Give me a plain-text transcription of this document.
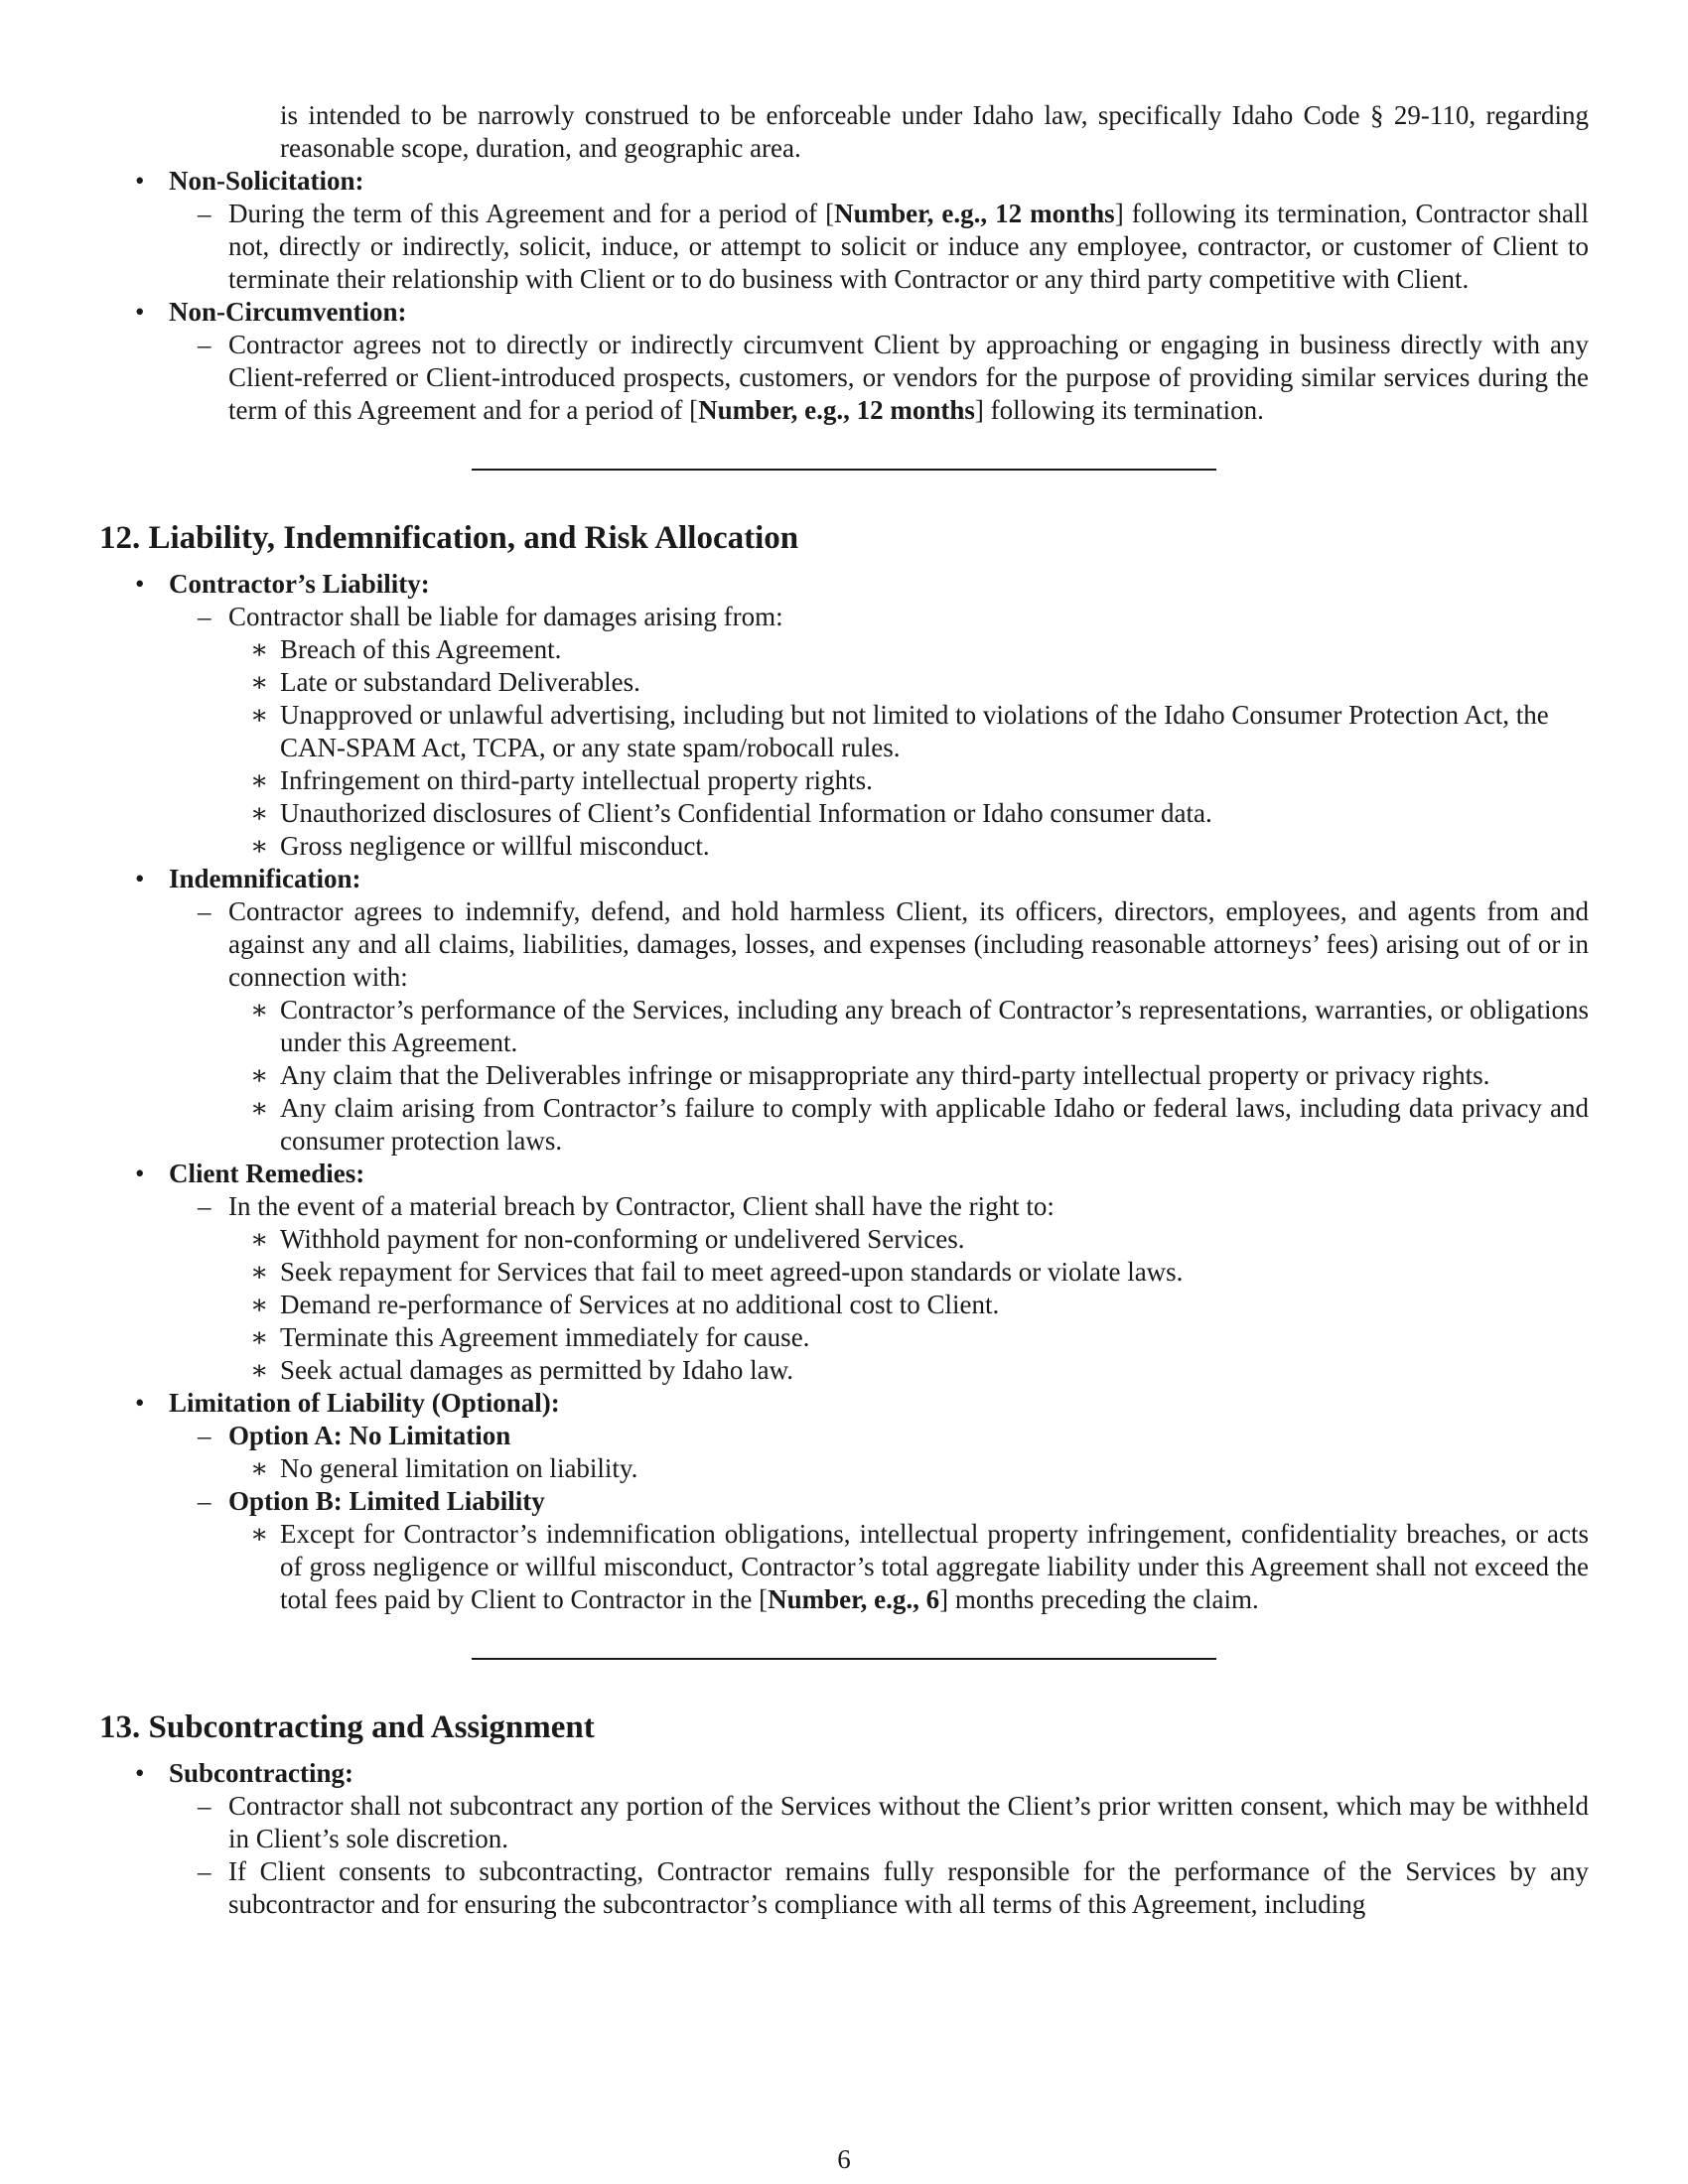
is intended to be narrowly construed to be enforceable under Idaho law, specifically Idaho Code § 29-110, regarding reasonable scope, duration, and geographic area.
• Non-Solicitation:
– During the term of this Agreement and for a period of [Number, e.g., 12 months] following its termination, Contractor shall not, directly or indirectly, solicit, induce, or attempt to solicit or induce any employee, contractor, or customer of Client to terminate their relationship with Client or to do business with Contractor or any third party competitive with Client.
• Non-Circumvention:
– Contractor agrees not to directly or indirectly circumvent Client by approaching or engaging in business directly with any Client-referred or Client-introduced prospects, customers, or vendors for the purpose of providing similar services during the term of this Agreement and for a period of [Number, e.g., 12 months] following its termination.
12. Liability, Indemnification, and Risk Allocation
• Contractor’s Liability:
– Contractor shall be liable for damages arising from:
∗ Breach of this Agreement.
∗ Late or substandard Deliverables.
∗ Unapproved or unlawful advertising, including but not limited to violations of the Idaho Consumer Protection Act, the CAN-SPAM Act, TCPA, or any state spam/robocall rules.
∗ Infringement on third-party intellectual property rights.
∗ Unauthorized disclosures of Client’s Confidential Information or Idaho consumer data.
∗ Gross negligence or willful misconduct.
• Indemnification:
– Contractor agrees to indemnify, defend, and hold harmless Client, its officers, directors, employees, and agents from and against any and all claims, liabilities, damages, losses, and expenses (including reasonable attorneys’ fees) arising out of or in connection with:
∗ Contractor’s performance of the Services, including any breach of Contractor’s representations, warranties, or obligations under this Agreement.
∗ Any claim that the Deliverables infringe or misappropriate any third-party intellectual property or privacy rights.
∗ Any claim arising from Contractor’s failure to comply with applicable Idaho or federal laws, including data privacy and consumer protection laws.
• Client Remedies:
– In the event of a material breach by Contractor, Client shall have the right to:
∗ Withhold payment for non-conforming or undelivered Services.
∗ Seek repayment for Services that fail to meet agreed-upon standards or violate laws.
∗ Demand re-performance of Services at no additional cost to Client.
∗ Terminate this Agreement immediately for cause.
∗ Seek actual damages as permitted by Idaho law.
• Limitation of Liability (Optional):
– Option A: No Limitation
∗ No general limitation on liability.
– Option B: Limited Liability
∗ Except for Contractor’s indemnification obligations, intellectual property infringement, confidentiality breaches, or acts of gross negligence or willful misconduct, Contractor’s total aggregate liability under this Agreement shall not exceed the total fees paid by Client to Contractor in the [Number, e.g., 6] months preceding the claim.
13. Subcontracting and Assignment
• Subcontracting:
– Contractor shall not subcontract any portion of the Services without the Client’s prior written consent, which may be withheld in Client’s sole discretion.
– If Client consents to subcontracting, Contractor remains fully responsible for the performance of the Services by any subcontractor and for ensuring the subcontractor’s compliance with all terms of this Agreement, including
6
